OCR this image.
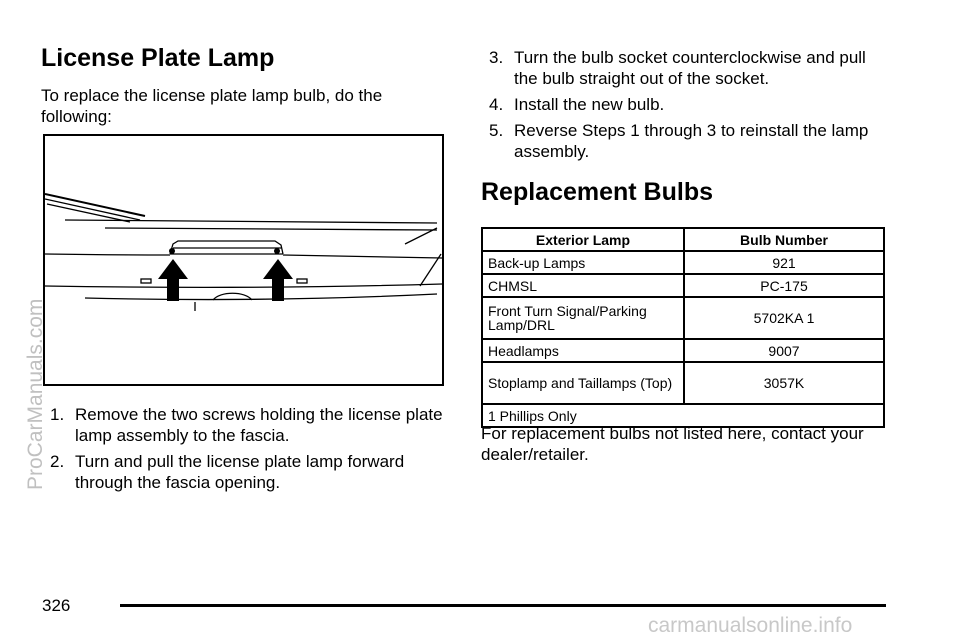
License Plate Lamp
To replace the license plate lamp bulb, do the following:
1. Remove the two screws holding the license plate lamp assembly to the fascia.
2. Turn and pull the license plate lamp forward through the fascia opening.
3. Turn the bulb socket counterclockwise and pull the bulb straight out of the socket.
4. Install the new bulb.
5. Reverse Steps 1 through 3 to reinstall the lamp assembly.
Replacement Bulbs
Exterior Lamp	Bulb Number
Back-up Lamps	921
CHMSL	PC-175
Front Turn Signal/Parking Lamp/DRL	5702KA 1
Headlamps	9007
Stoplamp and Taillamps (Top)	3057K
1 Phillips Only	
For replacement bulbs not listed here, contact your dealer/retailer.
ProCarManuals.com
326
carmanualsonline.info
